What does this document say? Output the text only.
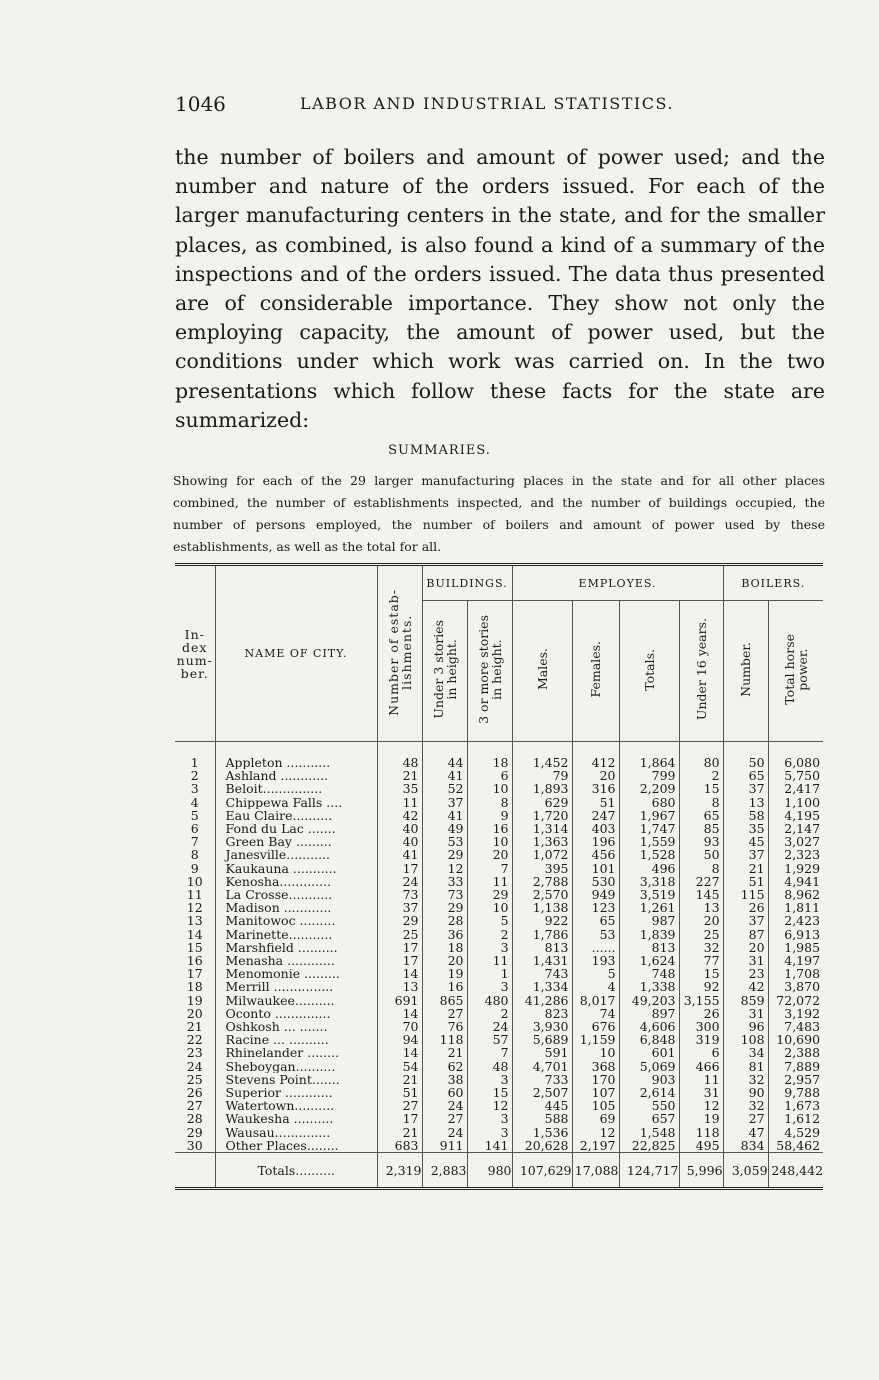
1046	LABOR AND INDUSTRIAL STATISTICS.

the number of boilers and amount of power used; and the number and nature of the orders issued. For each of the larger manufacturing centers in the state, and for the smaller places, as combined, is also found a kind of a summary of the inspections and of the orders issued. The data thus presented are of considerable importance. They show not only the employing capacity, the amount of power used, but the conditions under which work was carried on. In the two presentations which follow these facts for the state are summarized:

SUMMARIES.

Showing for each of the 29 larger manufacturing places in the state and for all other places combined, the number of establishments inspected, and the number of buildings occupied, the number of persons employed, the number of boilers and amount of power used by these establishments, as well as the total for all.

In-
dex
num-
ber.	NAME OF CITY.	Number of estab-
lishments.	BUILDINGS.		EMPLOYES.				BOILERS.	
			Under 3 stories
in height.	3 or more stories
in height.	Males.	Females.	Totals.	Under 16 years.	Number.	Total horse
power.
1	Appleton ...........	48	44	18	1,452	412	1,864	80	50	6,080
2	Ashland ............	21	41	6	79	20	799	2	65	5,750
3	Beloit...............	35	52	10	1,893	316	2,209	15	37	2,417
4	Chippewa Falls ....	11	37	8	629	51	680	8	13	1,100
5	Eau Claire..........	42	41	9	1,720	247	1,967	65	58	4,195
6	Fond du Lac .......	40	49	16	1,314	403	1,747	85	35	2,147
7	Green Bay .........	40	53	10	1,363	196	1,559	93	45	3,027
8	Janesville...........	41	29	20	1,072	456	1,528	50	37	2,323
9	Kaukauna ...........	17	12	7	395	101	496	8	21	1,929
10	Kenosha.............	24	33	11	2,788	530	3,318	227	51	4,941
11	La Crosse...........	73	73	29	2,570	949	3,519	145	115	8,962
12	Madison ............	37	29	10	1,138	123	1,261	13	26	1,811
13	Manitowoc .........	29	28	5	922	65	987	20	37	2,423
14	Marinette...........	25	36	2	1,786	53	1,839	25	87	6,913
15	Marshfield ..........	17	18	3	813	......	813	32	20	1,985
16	Menasha ............	17	20	11	1,431	193	1,624	77	31	4,197
17	Menomonie .........	14	19	1	743	5	748	15	23	1,708
18	Merrill ...............	13	16	3	1,334	4	1,338	92	42	3,870
19	Milwaukee..........	691	865	480	41,286	8,017	49,203	3,155	859	72,072
20	Oconto ..............	14	27	2	823	74	897	26	31	3,192
21	Oshkosh ... .......	70	76	24	3,930	676	4,606	300	96	7,483
22	Racine ... ..........	94	118	57	5,689	1,159	6,848	319	108	10,690
23	Rhinelander ........	14	21	7	591	10	601	6	34	2,388
24	Sheboygan..........	54	62	48	4,701	368	5,069	466	81	7,889
25	Stevens Point.......	21	38	3	733	170	903	11	32	2,957
26	Superior ............	51	60	15	2,507	107	2,614	31	90	9,788
27	Watertown..........	27	24	12	445	105	550	12	32	1,673
28	Waukesha ..........	17	27	3	588	69	657	19	27	1,612
29	Wausau..............	21	24	3	1,536	12	1,548	118	47	4,529
30	Other Places........	683	911	141	20,628	2,197	22,825	495	834	58,462
	Totals..........	2,319	2,883	980	107,629	17,088	124,717	5,996	3,059	248,442
